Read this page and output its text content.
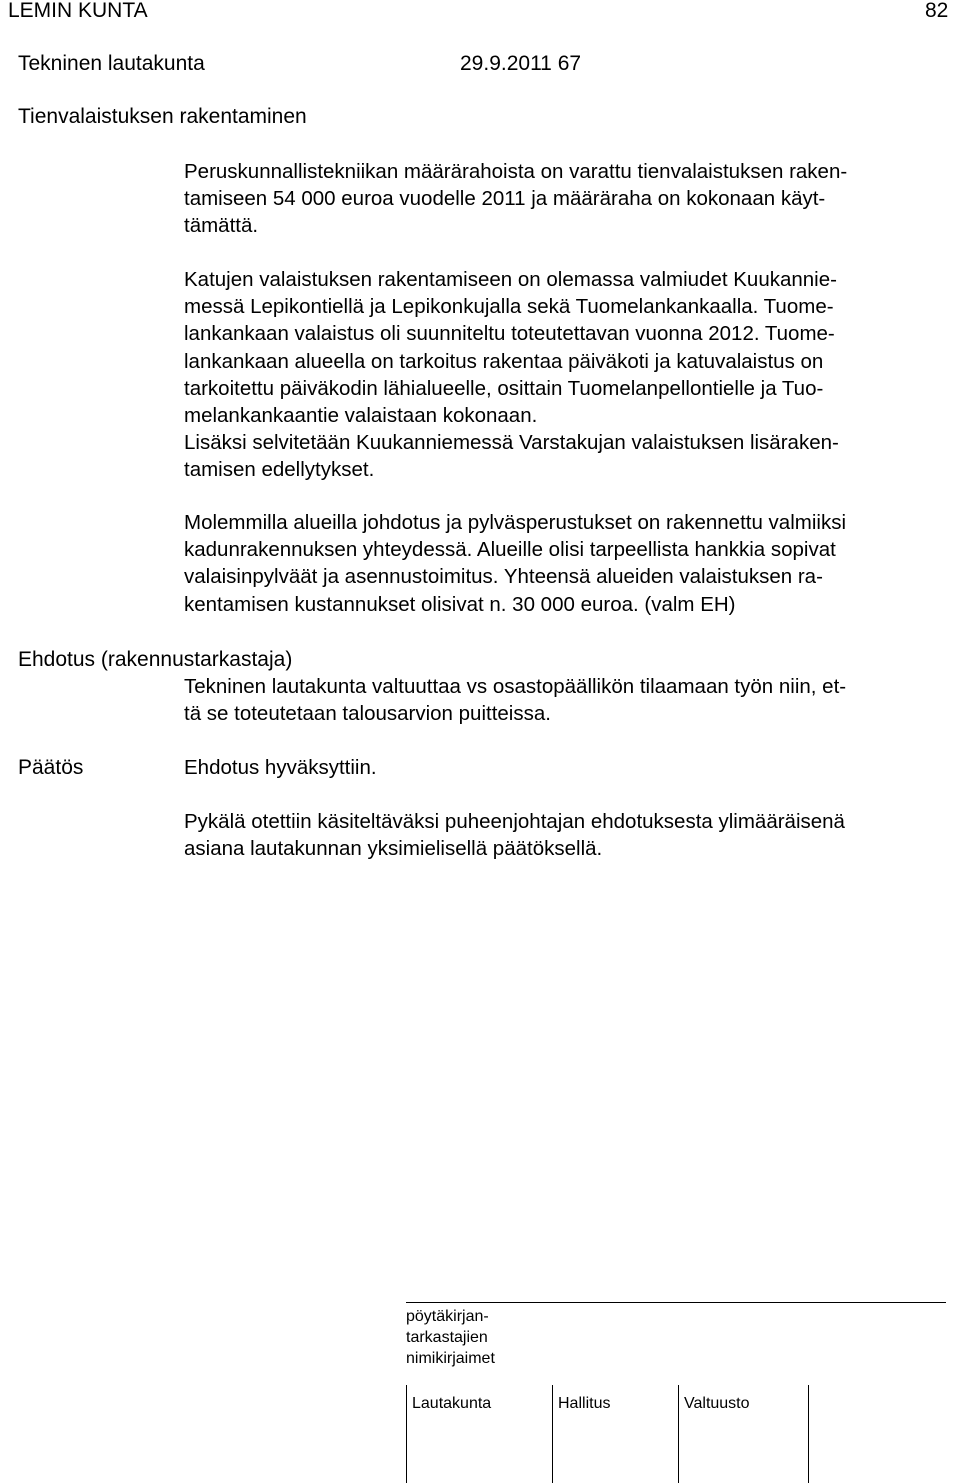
LEMIN KUNTA	82
Tekninen lautakunta	29.9.2011 67
Tienvalaistuksen rakentaminen
Peruskunnallistekniikan määrärahoista on varattu tienvalaistuksen raken-
tamiseen 54 000 euroa vuodelle 2011 ja määräraha on kokonaan käyt-
tämättä.
Katujen valaistuksen rakentamiseen on olemassa valmiudet Kuukannie-
messä Lepikontiellä ja Lepikonkujalla sekä Tuomelankankaalla. Tuome-
lankankaan valaistus oli suunniteltu toteutettavan vuonna 2012. Tuome-
lankankaan alueella on tarkoitus rakentaa päiväkoti ja katuvalaistus on
tarkoitettu päiväkodin lähialueelle, osittain Tuomelanpellontielle ja Tuo-
melankankaantie valaistaan kokonaan.
Lisäksi selvitetään Kuukanniemessä Varstakujan valaistuksen lisäraken-
tamisen edellytykset.
Molemmilla alueilla johdotus ja pylväsperustukset on rakennettu valmiiksi
kadunrakennuksen yhteydessä. Alueille olisi tarpeellista hankkia sopivat
valaisinpylväät ja asennustoimitus. Yhteensä alueiden valaistuksen ra-
kentamisen kustannukset olisivat n. 30 000 euroa. (valm EH)
Ehdotus (rakennustarkastaja)
Tekninen lautakunta valtuuttaa vs osastopäällikön tilaamaan työn niin, et-
tä se toteutetaan talousarvion puitteissa.
Päätös	Ehdotus hyväksyttiin.
Pykälä otettiin käsiteltäväksi puheenjohtajan ehdotuksesta ylimääräisenä
asiana lautakunnan yksimielisellä päätöksellä.
pöytäkirjan-
tarkastajien
nimikirjaimet
Lautakunta	Hallitus	Valtuusto
